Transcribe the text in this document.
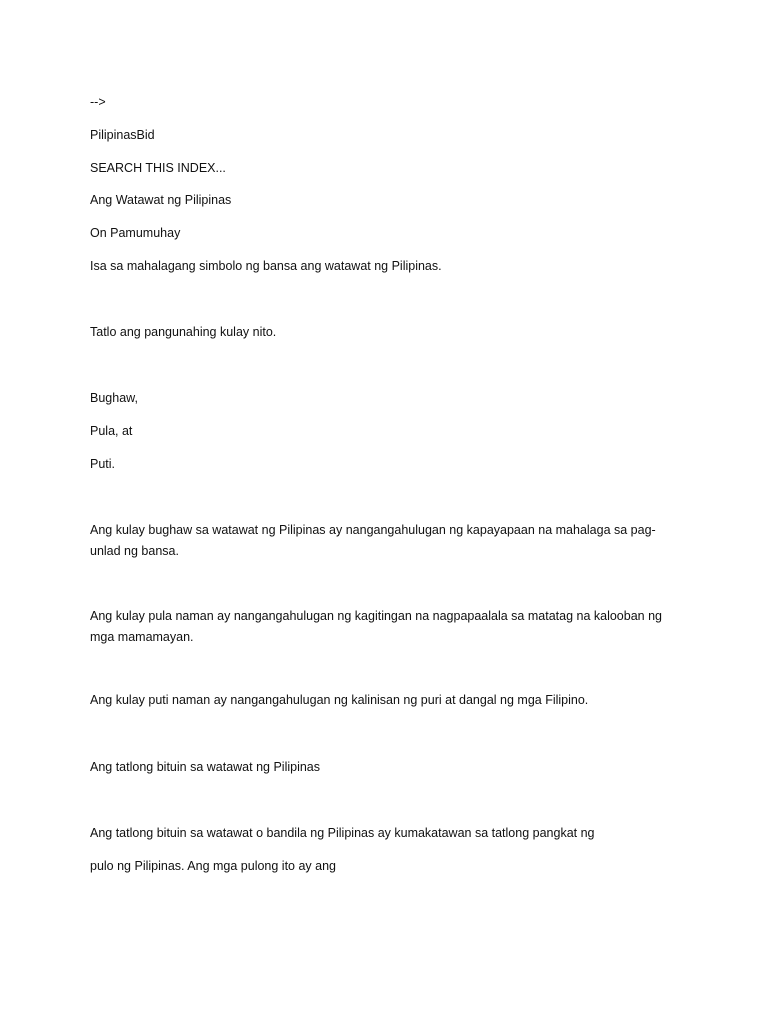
-->

PilipinasBid

SEARCH THIS INDEX...

Ang Watawat ng Pilipinas

On Pamumuhay

Isa sa mahalagang simbolo ng bansa ang watawat ng Pilipinas.

Tatlo ang pangunahing kulay nito.

Bughaw,

Pula, at

Puti.

Ang kulay bughaw sa watawat ng Pilipinas ay nangangahulugan ng kapayapaan na mahalaga sa pag-

unlad ng bansa.

Ang kulay pula naman ay nangangahulugan ng kagitingan na nagpapaalala sa matatag na kalooban ng

mga mamamayan.

Ang kulay puti naman ay nangangahulugan ng kalinisan ng puri at dangal ng mga Filipino.

Ang tatlong bituin sa watawat ng Pilipinas

Ang tatlong bituin sa watawat o bandila ng Pilipinas ay kumakatawan sa tatlong pangkat ng

pulo ng Pilipinas. Ang mga pulong ito ay ang
